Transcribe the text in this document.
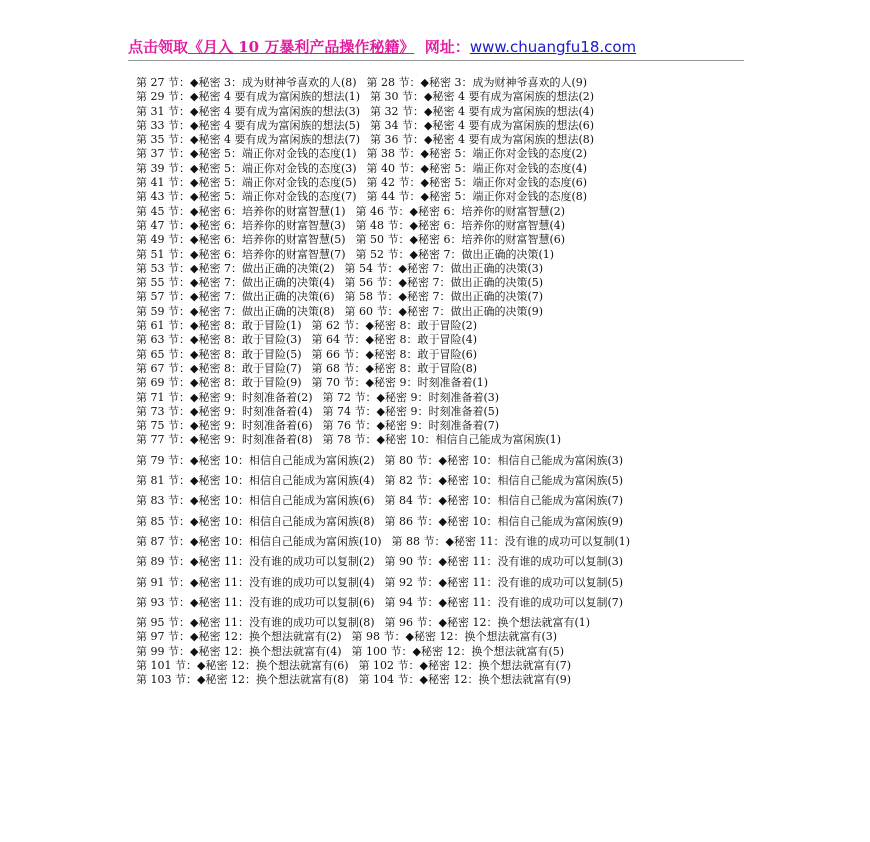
点击领取《月入 10 万暴利产品操作秘籍》 网址：www.chuangfu18.com
第 27 节：◆秘密 3：成为财神爷喜欢的人(8) 第 28 节：◆秘密 3：成为财神爷喜欢的人(9)
第 29 节：◆秘密 4 要有成为富闲族的想法(1) 第 30 节：◆秘密 4 要有成为富闲族的想法(2)
第 31 节：◆秘密 4 要有成为富闲族的想法(3) 第 32 节：◆秘密 4 要有成为富闲族的想法(4)
第 33 节：◆秘密 4 要有成为富闲族的想法(5) 第 34 节：◆秘密 4 要有成为富闲族的想法(6)
第 35 节：◆秘密 4 要有成为富闲族的想法(7) 第 36 节：◆秘密 4 要有成为富闲族的想法(8)
第 37 节：◆秘密 5：端正你对金钱的态度(1) 第 38 节：◆秘密 5：端正你对金钱的态度(2)
第 39 节：◆秘密 5：端正你对金钱的态度(3) 第 40 节：◆秘密 5：端正你对金钱的态度(4)
第 41 节：◆秘密 5：端正你对金钱的态度(5) 第 42 节：◆秘密 5：端正你对金钱的态度(6)
第 43 节：◆秘密 5：端正你对金钱的态度(7) 第 44 节：◆秘密 5：端正你对金钱的态度(8)
第 45 节：◆秘密 6：培养你的财富智慧(1) 第 46 节：◆秘密 6：培养你的财富智慧(2)
第 47 节：◆秘密 6：培养你的财富智慧(3) 第 48 节：◆秘密 6：培养你的财富智慧(4)
第 49 节：◆秘密 6：培养你的财富智慧(5) 第 50 节：◆秘密 6：培养你的财富智慧(6)
第 51 节：◆秘密 6：培养你的财富智慧(7) 第 52 节：◆秘密 7：做出正确的决策(1)
第 53 节：◆秘密 7：做出正确的决策(2) 第 54 节：◆秘密 7：做出正确的决策(3)
第 55 节：◆秘密 7：做出正确的决策(4) 第 56 节：◆秘密 7：做出正确的决策(5)
第 57 节：◆秘密 7：做出正确的决策(6) 第 58 节：◆秘密 7：做出正确的决策(7)
第 59 节：◆秘密 7：做出正确的决策(8) 第 60 节：◆秘密 7：做出正确的决策(9)
第 61 节：◆秘密 8：敢于冒险(1) 第 62 节：◆秘密 8：敢于冒险(2)
第 63 节：◆秘密 8：敢于冒险(3) 第 64 节：◆秘密 8：敢于冒险(4)
第 65 节：◆秘密 8：敢于冒险(5) 第 66 节：◆秘密 8：敢于冒险(6)
第 67 节：◆秘密 8：敢于冒险(7) 第 68 节：◆秘密 8：敢于冒险(8)
第 69 节：◆秘密 8：敢于冒险(9) 第 70 节：◆秘密 9：时刻准备着(1)
第 71 节：◆秘密 9：时刻准备着(2) 第 72 节：◆秘密 9：时刻准备着(3)
第 73 节：◆秘密 9：时刻准备着(4) 第 74 节：◆秘密 9：时刻准备着(5)
第 75 节：◆秘密 9：时刻准备着(6) 第 76 节：◆秘密 9：时刻准备着(7)
第 77 节：◆秘密 9：时刻准备着(8) 第 78 节：◆秘密 10：相信自己能成为富闲族(1)
第 79 节：◆秘密 10：相信自己能成为富闲族(2) 第 80 节：◆秘密 10：相信自己能成为富闲族(3)
第 81 节：◆秘密 10：相信自己能成为富闲族(4) 第 82 节：◆秘密 10：相信自己能成为富闲族(5)
第 83 节：◆秘密 10：相信自己能成为富闲族(6) 第 84 节：◆秘密 10：相信自己能成为富闲族(7)
第 85 节：◆秘密 10：相信自己能成为富闲族(8) 第 86 节：◆秘密 10：相信自己能成为富闲族(9)
第 87 节：◆秘密 10：相信自己能成为富闲族(10) 第 88 节：◆秘密 11：没有谁的成功可以复制(1)
第 89 节：◆秘密 11：没有谁的成功可以复制(2) 第 90 节：◆秘密 11：没有谁的成功可以复制(3)
第 91 节：◆秘密 11：没有谁的成功可以复制(4) 第 92 节：◆秘密 11：没有谁的成功可以复制(5)
第 93 节：◆秘密 11：没有谁的成功可以复制(6) 第 94 节：◆秘密 11：没有谁的成功可以复制(7)
第 95 节：◆秘密 11：没有谁的成功可以复制(8) 第 96 节：◆秘密 12：换个想法就富有(1)
第 97 节：◆秘密 12：换个想法就富有(2) 第 98 节：◆秘密 12：换个想法就富有(3)
第 99 节：◆秘密 12：换个想法就富有(4) 第 100 节：◆秘密 12：换个想法就富有(5)
第 101 节：◆秘密 12：换个想法就富有(6) 第 102 节：◆秘密 12：换个想法就富有(7)
第 103 节：◆秘密 12：换个想法就富有(8) 第 104 节：◆秘密 12：换个想法就富有(9)
